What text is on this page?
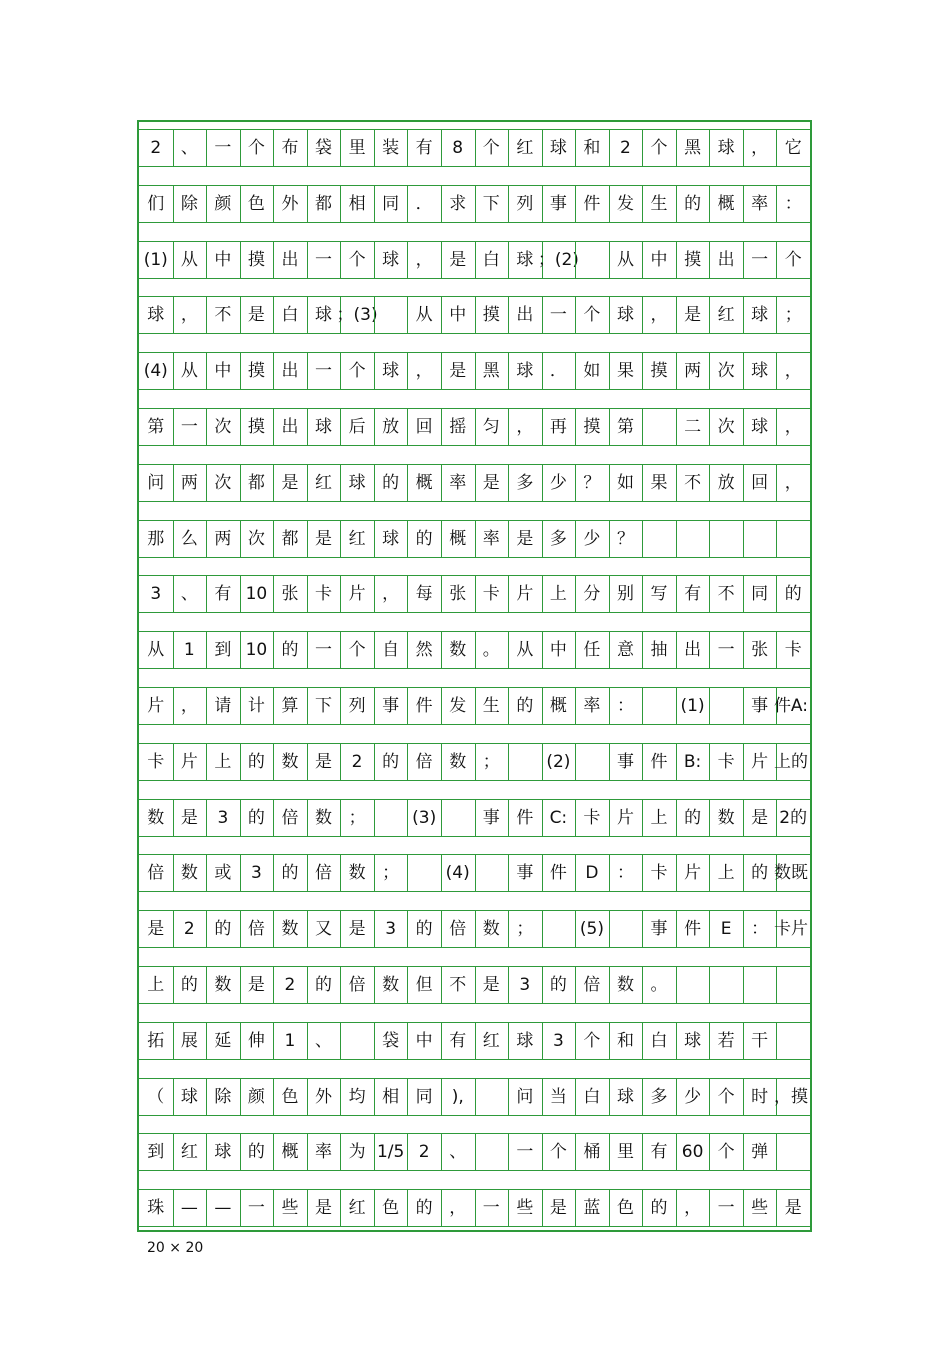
2 、 一 个 布 袋 里 装 有 8 个 红 球 和 2 个 黑 球 ， 它
们 除 颜 色 外 都 相 同 ． 求 下 列 事 件 发 生 的 概 率 ：
(1) 从 中 摸 出 一 个 球 ， 是 白 球 ；(2) 从 中 摸 出 一 个
球 ， 不 是 白 球 ；(3) 从 中 摸 出 一 个 球 ， 是 红 球 ；
(4) 从 中 摸 出 一 个 球 ， 是 黑 球 ． 如 果 摸 两 次 球 ，
第 一 次 摸 出 球 后 放 回 摇 匀 ， 再 摸 第	二 次 球 ，
问 两 次 都 是 红 球 的 概 率 是 多 少 ？ 如 果 不 放 回 ，
那 么 两 次 都 是 红 球 的 概 率 是 多 少 ？
3 、 有 10 张 卡 片 ， 每 张 卡 片 上 分 别 写 有 不 同 的
从 1 到 10 的 一 个 自 然 数 。 从 中 任 意 抽 出 一 张 卡
片 ， 请 计 算 下 列 事 件 发 生 的 概 率 ：	(1)	事 件A:
卡 片 上 的 数 是 2 的 倍 数 ；	(2)	事 件 B: 卡 片 上的
数 是 3 的 倍 数 ；	(3)	事 件 C: 卡 片 上 的 数 是 2的
倍 数 或 3 的 倍 数 ；	(4)	事 件 D ： 卡 片 上 的 数既
是 2 的 倍 数 又 是 3 的 倍 数 ；	(5)	事 件 E ： 卡片
上 的 数 是 2 的 倍 数 但 不 是 3 的 倍 数 。
拓 展 延 伸 1 、	袋 中 有 红 球 3 个 和 白 球 若 干
（ 球 除 颜 色 外 均 相 同 ),	问 当 白 球 多 少 个 时 ，摸
到 红 球 的 概 率 为 1/5 2 、	一 个 桶 里 有 60 个 弹
珠 — — 一 些 是 红 色 的 ， 一 些 是 蓝 色 的 ， 一 些 是
20 × 20
